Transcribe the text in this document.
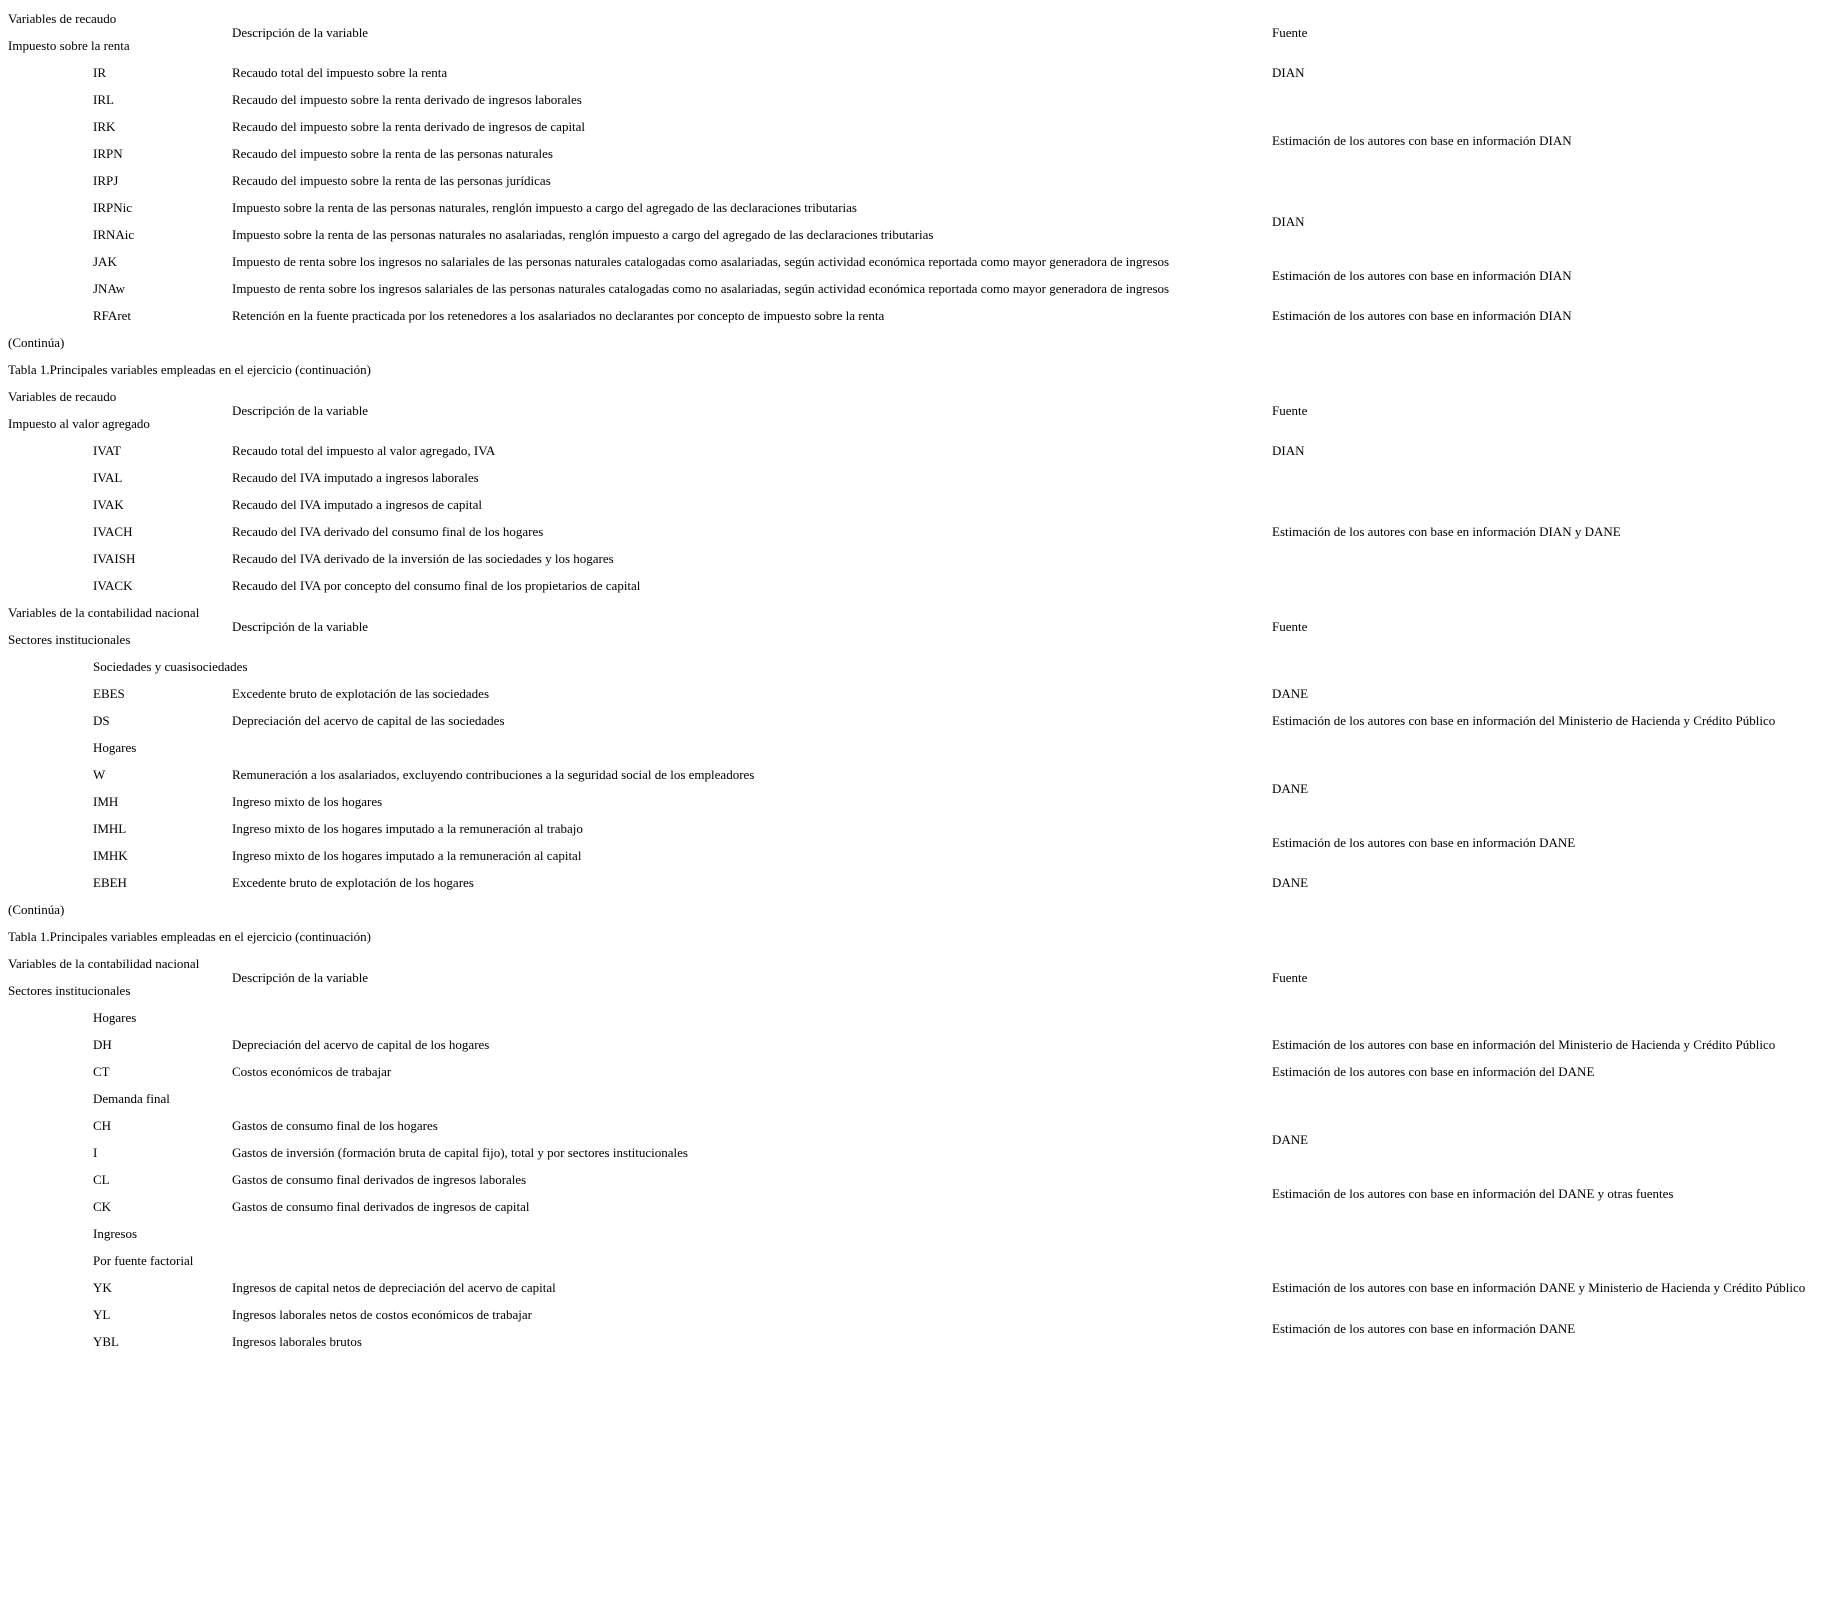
Variables de recaudo		Descripción de la variable	Fuente
Impuesto sobre la renta			
	IR	Recaudo total del impuesto sobre la renta	DIAN
	IRL	Recaudo del impuesto sobre la renta derivado de ingresos laborales	Estimación de los autores con base en información DIAN
	IRK	Recaudo del impuesto sobre la renta derivado de ingresos de capital	
	IRPN	Recaudo del impuesto sobre la renta de las personas naturales	
	IRPJ	Recaudo del impuesto sobre la renta de las personas jurídicas	
	IRPNic	Impuesto sobre la renta de las personas naturales, renglón impuesto a cargo del agregado de las declaraciones tributarias	DIAN
	IRNAic	Impuesto sobre la renta de las personas naturales no asalariadas, renglón impuesto a cargo del agregado de las declaraciones tributarias	
	JAK	Impuesto de renta sobre los ingresos no salariales de las personas naturales catalogadas como asalariadas, según actividad económica reportada como mayor generadora de ingresos	Estimación de los autores con base en información DIAN
	JNAw	Impuesto de renta sobre los ingresos salariales de las personas naturales catalogadas como no asalariadas, según actividad económica reportada como mayor generadora de ingresos	
	RFAret	Retención en la fuente practicada por los retenedores a los asalariados no declarantes por concepto de impuesto sobre la renta	Estimación de los autores con base en información DIAN
(Continúa)			
Tabla 1.Principales variables empleadas en el ejercicio (continuación)			
Variables de recaudo		Descripción de la variable	Fuente
Impuesto al valor agregado			
	IVAT	Recaudo total del impuesto al valor agregado, IVA	DIAN
	IVAL	Recaudo del IVA imputado a ingresos laborales	Estimación de los autores con base en información DIAN y DANE
	IVAK	Recaudo del IVA imputado a ingresos de capital	
	IVACH	Recaudo del IVA derivado del consumo final de los hogares	
	IVAISH	Recaudo del IVA derivado de la inversión de las sociedades y los hogares	
	IVACK	Recaudo del IVA por concepto del consumo final de los propietarios de capital	
Variables de la contabilidad nacional		Descripción de la variable	Fuente
Sectores institucionales			
	Sociedades y cuasisociedades		
	EBES	Excedente bruto de explotación de las sociedades	DANE
	DS	Depreciación del acervo de capital de las sociedades	Estimación de los autores con base en información del Ministerio de Hacienda y Crédito Público
	Hogares		
	W	Remuneración a los asalariados, excluyendo contribuciones a la seguridad social de los empleadores	DANE
	IMH	Ingreso mixto de los hogares	
	IMHL	Ingreso mixto de los hogares imputado a la remuneración al trabajo	Estimación de los autores con base en información DANE
	IMHK	Ingreso mixto de los hogares imputado a la remuneración al capital	
	EBEH	Excedente bruto de explotación de los hogares	DANE
(Continúa)			
Tabla 1.Principales variables empleadas en el ejercicio (continuación)			
Variables de la contabilidad nacional		Descripción de la variable	Fuente
Sectores institucionales			
	Hogares		
	DH	Depreciación del acervo de capital de los hogares	Estimación de los autores con base en información del Ministerio de Hacienda y Crédito Público
	CT	Costos económicos de trabajar	Estimación de los autores con base en información del DANE
	Demanda final		
	CH	Gastos de consumo final de los hogares	DANE
	I	Gastos de inversión (formación bruta de capital fijo), total y por sectores institucionales	
	CL	Gastos de consumo final derivados de ingresos laborales	Estimación de los autores con base en información del DANE y otras fuentes
	CK	Gastos de consumo final derivados de ingresos de capital	
	Ingresos		
	Por fuente factorial		
	YK	Ingresos de capital netos de depreciación del acervo de capital	Estimación de los autores con base en información DANE y Ministerio de Hacienda y Crédito Público
	YL	Ingresos laborales netos de costos económicos de trabajar	Estimación de los autores con base en información DANE
	YBL	Ingresos laborales brutos	
